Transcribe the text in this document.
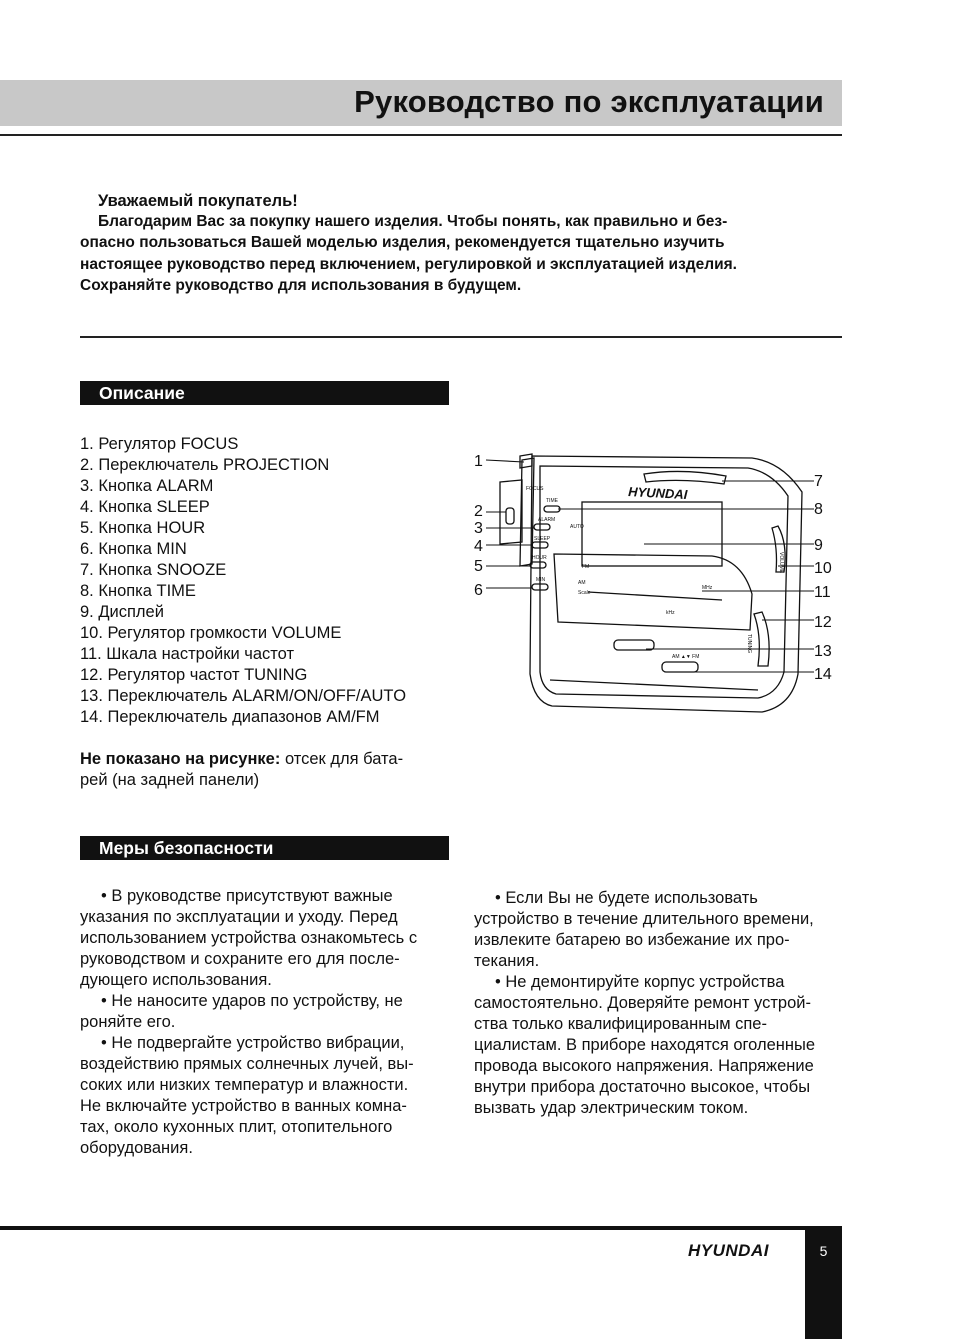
Руководство по эксплуатации
Уважаемый покупатель!
Благодарим Вас за покупку нашего изделия. Чтобы понять, как правильно и без-
опасно пользоваться Вашей моделью изделия, рекомендуется тщательно изучить
настоящее руководство перед включением, регулировкой и эксплуатацией изделия.
Сохраняйте руководство для использования в будущем.
Описание
1. Регулятор FOCUS
2. Переключатель PROJECTION
3. Кнопка ALARM
4. Кнопка SLEEP
5. Кнопка HOUR
6. Кнопка MIN
7. Кнопка SNOOZE
8. Кнопка TIME
9. Дисплей
10. Регулятор громкости VOLUME
11. Шкала настройки частот
12. Регулятор частот TUNING
13. Переключатель ALARM/ON/OFF/AUTO
14. Переключатель диапазонов AM/FM
Не показано на рисунке: отсек для бата-
рей (на задней панели)
FOCUS
TIME
ALARM
SLEEP
HOUR
MIN
AUTO
FM
AM
Scale
MHz
kHz
AM ▲▼ FM
VOLUME
TUNING
HYUNDAI
1
2
3
4
5
6
7
8
9
10
11
12
13
14
Меры безопасности

• В руководстве присутствуют важные

указания по эксплуатации и уходу. Перед

использованием устройства ознакомьтесь с

руководством и сохраните его для после-

дующего использования.

• Не наносите ударов по устройству, не

роняйте его.

• Не подвергайте устройство вибрации,

воздействию прямых солнечных лучей, вы-

соких или низких температур и влажности.

Не включайте устройство в ванных комна-

тах, около кухонных плит, отопительного

оборудования.

• Если Вы не будете использовать

устройство в течение длительного времени,

извлеките батарею во избежание их про-

текания.

• Не демонтируйте корпус устройства

самостоятельно. Доверяйте ремонт устрой-

ства только квалифицированным спе-

циалистам. В приборе находятся оголенные

провода высокого напряжения. Напряжение

внутри прибора достаточно высокое, чтобы

вызвать удар электрическим током.

HYUNDAI	5
